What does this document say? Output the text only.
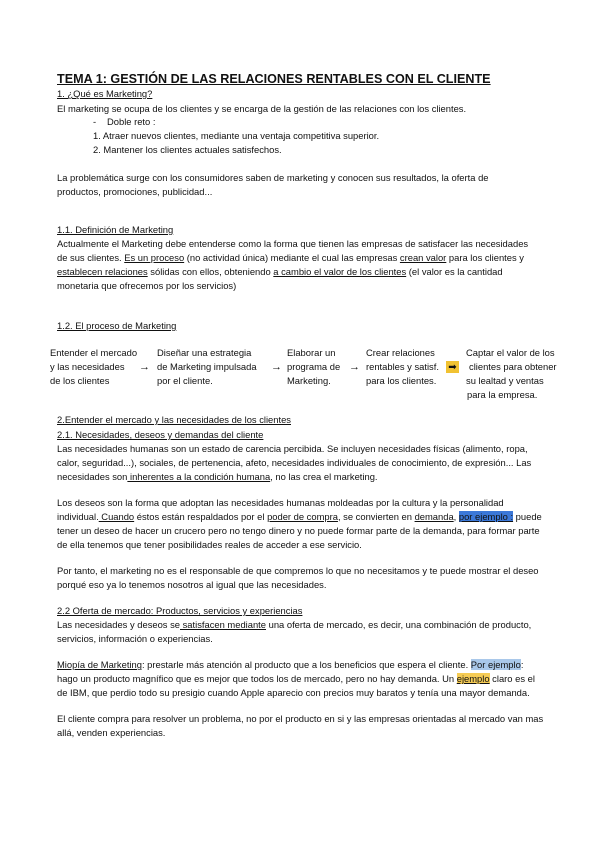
TEMA 1: GESTIÓN DE LAS RELACIONES RENTABLES CON EL CLIENTE
1. ¿Qué es Marketing?
El marketing se ocupa de los clientes y se encarga de la gestión de las relaciones con los clientes.
- Doble reto :
1. Atraer nuevos clientes, mediante una ventaja competitiva superior.
2. Mantener los clientes actuales satisfechos.
La problemática surge con los consumidores saben de marketing y conocen sus resultados, la oferta de
productos, promociones, publicidad...
1.1. Definición de Marketing
Actualmente el Marketing debe entenderse como la forma que tienen las empresas de satisfacer las necesidades
de sus clientes. Es un proceso (no actividad única) mediante el cual las empresas crean valor para los clientes y
establecen relaciones sólidas con ellos, obteniendo a cambio el valor de los clientes (el valor es la cantidad
monetaria que ofrecemos por los servicios)
1.2. El proceso de Marketing
Entender el mercado
y las necesidades
de los clientes
→
Diseñar una estrategia
de Marketing impulsada
por el cliente.
→
Elaborar un
programa de
Marketing.
→
Crear relaciones
rentables y satisf.
para los clientes.
➡
Captar el valor de los
clientes para obtener
su lealtad y ventas
para la empresa.
2.Entender el mercado y las necesidades de los clientes
2.1. Necesidades, deseos y demandas del cliente
Las necesidades humanas son un estado de carencia percibida. Se incluyen necesidades físicas (alimento, ropa,
calor, seguridad...), sociales, de pertenencia, afeto, necesidades individuales de conocimiento, de expresión... Las
necesidades son inherentes a la condición humana, no las crea el marketing.
Los deseos son la forma que adoptan las necesidades humanas moldeadas por la cultura y la personalidad
individual. Cuando éstos están respaldados por el poder de compra, se convierten en demanda, por ejemplo : puede
tener un deseo de hacer un crucero pero no tengo dinero y no puede formar parte de la demanda, para formar parte
de ella tenemos que tener posibilidades reales de acceder a ese servicio.
Por tanto, el marketing no es el responsable de que compremos lo que no necesitamos y te puede mostrar el deseo
porqué eso ya lo tenemos nosotros al igual que las necesidades.
2.2 Oferta de mercado: Productos, servicios y experiencias
Las necesidades y deseos se satisfacen mediante una oferta de mercado, es decir, una combinación de producto,
servicios, información o experiencias.
Miopía de Marketing: prestarle más atención al producto que a los beneficios que espera el cliente. Por ejemplo:
hago un producto magnífico que es mejor que todos los de mercado, pero no hay demanda. Un ejemplo claro es el
de IBM, que perdio todo su presigio cuando Apple aparecio con precios muy baratos y tenía una mayor demanda.
El cliente compra para resolver un problema, no por el producto en si y las empresas orientadas al mercado van mas
allá, venden experiencias.
